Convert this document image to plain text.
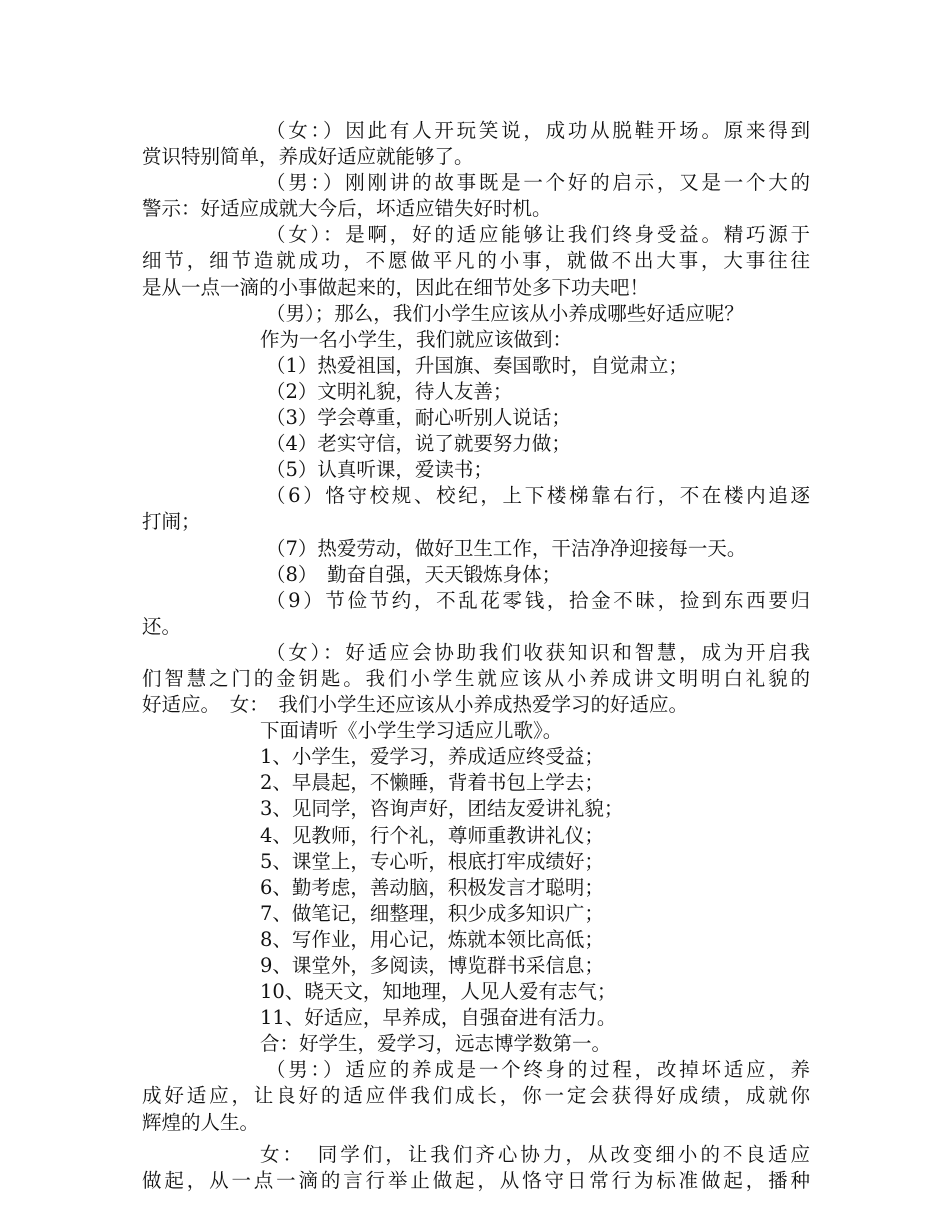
（女：）因此有人开玩笑说，成功从脱鞋开场。原来得到
赏识特别简单，养成好适应就能够了。
（男：）刚刚讲的故事既是一个好的启示，又是一个大的
警示：好适应成就大今后，坏适应错失好时机。
（女）：是啊，好的适应能够让我们终身受益。精巧源于
细节，细节造就成功，不愿做平凡的小事，就做不出大事，大事往往
是从一点一滴的小事做起来的，因此在细节处多下功夫吧！
（男）；那么，我们小学生应该从小养成哪些好适应呢？
作为一名小学生，我们就应该做到：
（1）热爱祖国，升国旗、奏国歌时，自觉肃立；
（2）文明礼貌，待人友善；
（3）学会尊重，耐心听别人说话；
（4）老实守信，说了就要努力做；
（5）认真听课，爱读书；
（6）恪守校规、校纪，上下楼梯靠右行，不在楼内追逐
打闹；
（7）热爱劳动，做好卫生工作，干洁净净迎接每一天。
（8）　勤奋自强，天天锻炼身体；
（9）节俭节约，不乱花零钱，拾金不昧，捡到东西要归
还。
（女）：好适应会协助我们收获知识和智慧，成为开启我
们智慧之门的金钥匙。我们小学生就应该从小养成讲文明明白礼貌的
好适应。　女：　我们小学生还应该从小养成热爱学习的好适应。
下面请听《小学生学习适应儿歌》。
1、小学生，爱学习，养成适应终受益；
2、早晨起，不懒睡，背着书包上学去；
3、见同学，咨询声好，团结友爱讲礼貌；
4、见教师，行个礼，尊师重教讲礼仪；
5、课堂上，专心听，根底打牢成绩好；
6、勤考虑，善动脑，积极发言才聪明；
7、做笔记，细整理，积少成多知识广；
8、写作业，用心记，炼就本领比高低；
9、课堂外，多阅读，博览群书采信息；
10、晓天文，知地理，人见人爱有志气；
11、好适应，早养成，自强奋进有活力。
合：好学生，爱学习，远志博学数第一。
（男：）适应的养成是一个终身的过程，改掉坏适应，养
成好适应，让良好的适应伴我们成长，你一定会获得好成绩，成就你
辉煌的人生。
女：　同学们，让我们齐心协力，从改变细小的不良适应
做起，从一点一滴的言行举止做起，从恪守日常行为标准做起，播种
